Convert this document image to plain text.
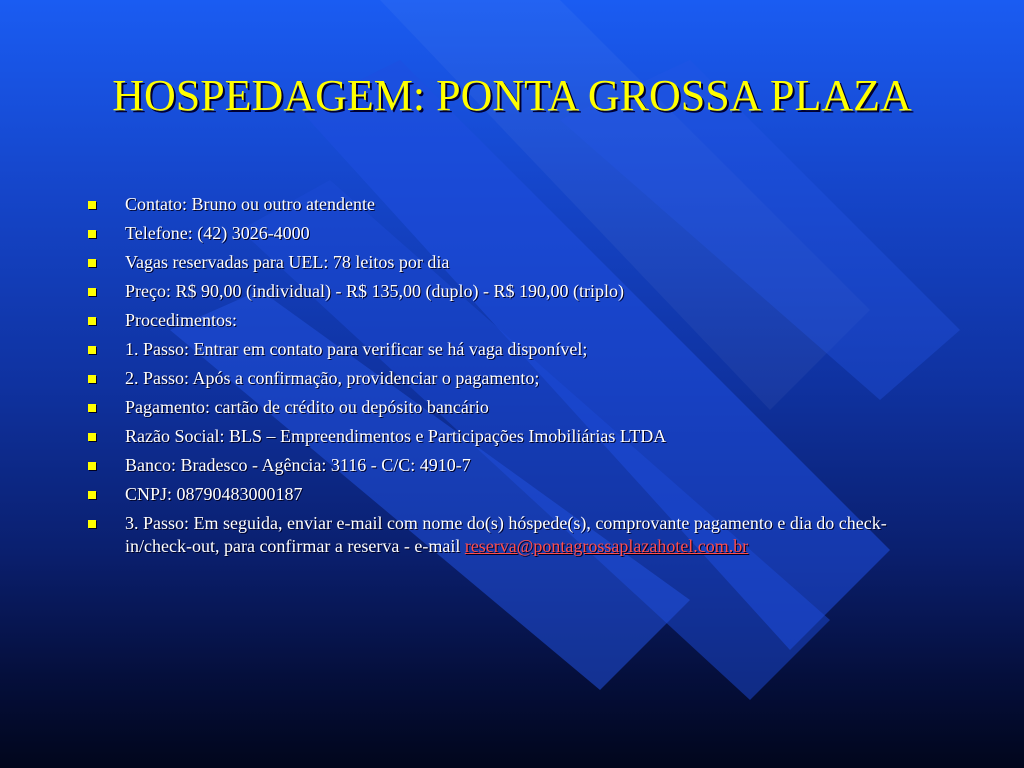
HOSPEDAGEM: PONTA GROSSA PLAZA
Contato: Bruno ou outro atendente
Telefone: (42) 3026-4000
Vagas reservadas para UEL: 78 leitos por dia
Preço: R$ 90,00 (individual) - R$ 135,00 (duplo) - R$ 190,00 (triplo)
Procedimentos:
1. Passo: Entrar em contato para verificar se há vaga disponível;
2. Passo: Após a confirmação, providenciar o pagamento;
Pagamento: cartão de crédito ou depósito bancário
Razão Social: BLS – Empreendimentos e Participações Imobiliárias LTDA
Banco: Bradesco - Agência: 3116 - C/C: 4910-7
CNPJ: 08790483000187
3. Passo: Em seguida, enviar e-mail com nome do(s) hóspede(s), comprovante pagamento e dia do check-in/check-out, para confirmar a reserva - e-mail reserva@pontagrossaplazahotel.com.br
